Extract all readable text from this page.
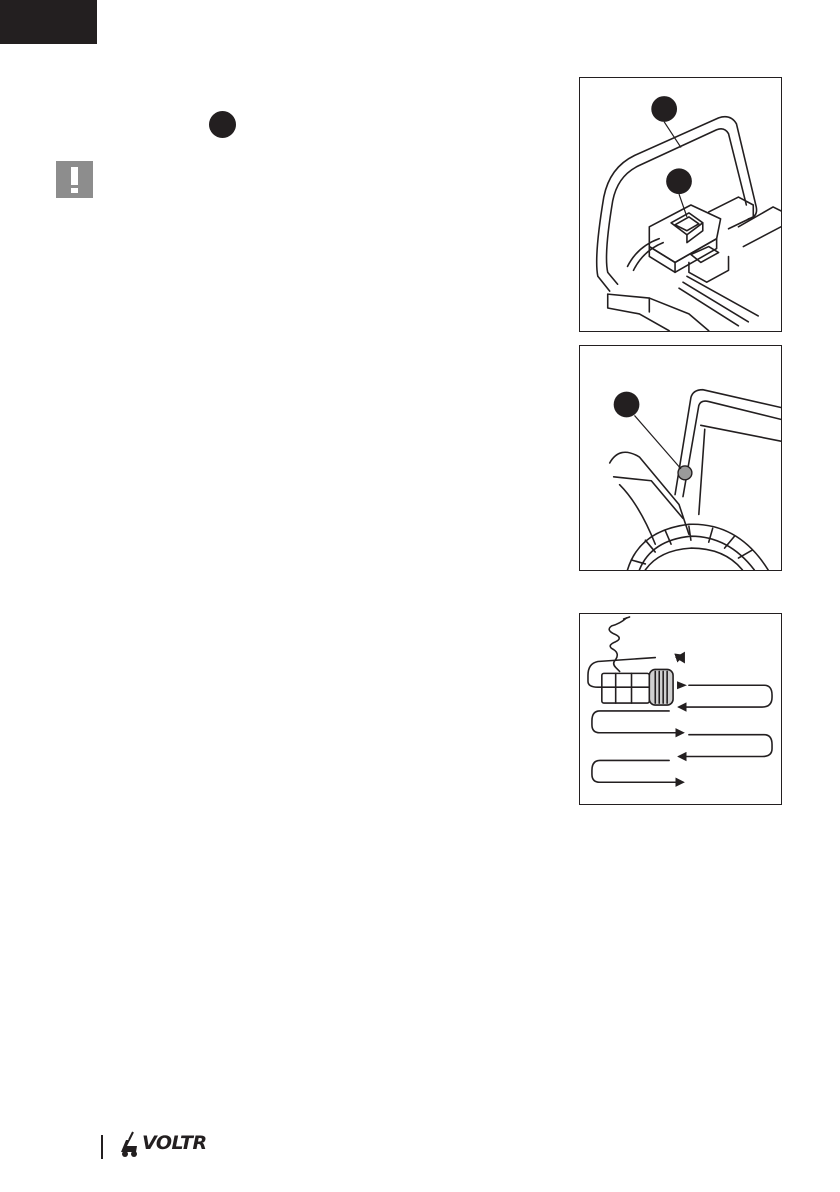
VOLTR
